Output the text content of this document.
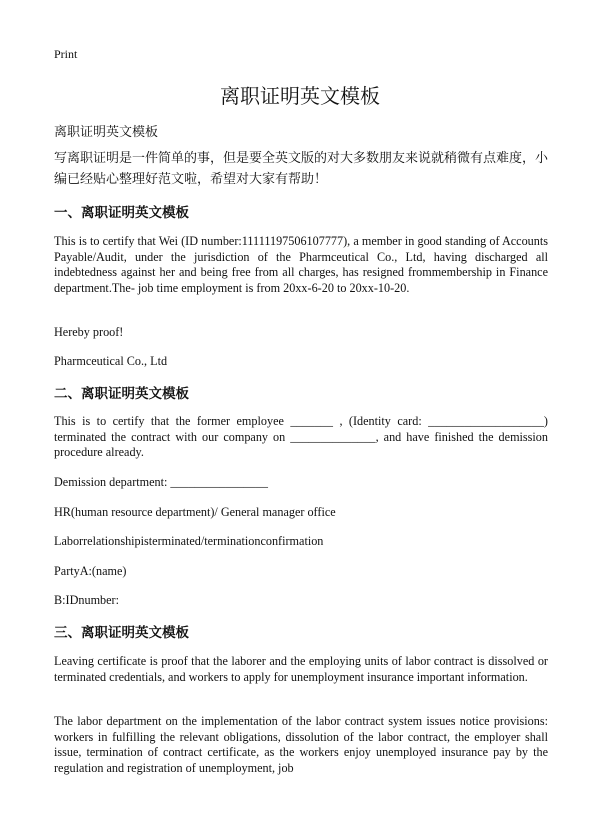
Print
离职证明英文模板
离职证明英文模板
写离职证明是一件简单的事，但是要全英文版的对大多数朋友来说就稍微有点难度，小编已经贴心整理好范文啦，希望对大家有帮助！
一、离职证明英文模板
This is to certify that Wei (ID number:11111197506107777), a member in good standing of Accounts Payable/Audit, under the jurisdiction of the Pharmceutical Co., Ltd, having discharged all indebtedness against her and being free from all charges, has resigned frommembership in Finance department.The- job time employment is from 20xx-6-20 to 20xx-10-20.
Hereby proof!
Pharmceutical Co., Ltd
二、离职证明英文模板
This is to certify that the former employee _______ , (Identity card: ___________________) terminated the contract with our company on ______________, and have finished the demission procedure already.
Demission department: ________________
HR(human resource department)/ General manager office
Laborrelationshipisterminated/terminationconfirmation
PartyA:(name)
B:IDnumber:
三、离职证明英文模板
Leaving certificate is proof that the laborer and the employing units of labor contract is dissolved or terminated credentials, and workers to apply for unemployment insurance important information.
The labor department on the implementation of the labor contract system issues notice provisions: workers in fulfilling the relevant obligations, dissolution of the labor contract, the employer shall issue, termination of contract certificate, as the workers enjoy unemployed insurance pay by the regulation and registration of unemployment, job
